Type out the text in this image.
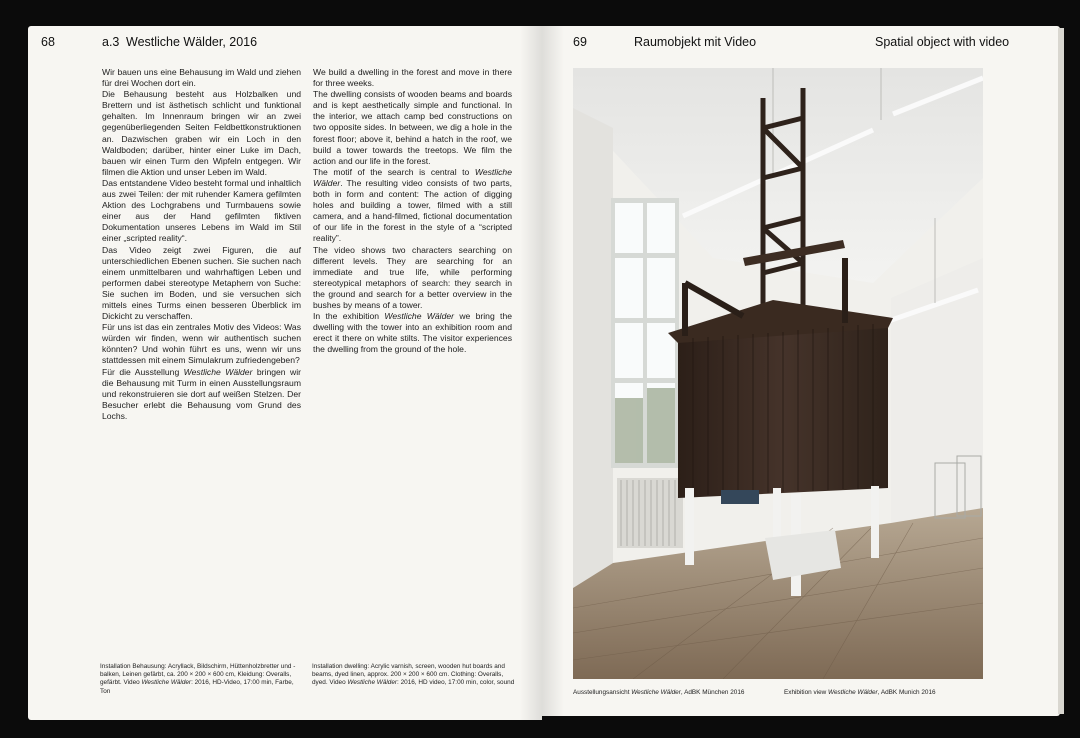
68	a.3 Westliche Wälder, 2016

Wir bauen uns eine Behausung im Wald und ziehen für drei Wochen dort ein.

Die Behausung besteht aus Holzbalken und Brettern und ist ästhetisch schlicht und funktional gehalten. Im Innenraum bringen wir an zwei gegenüberliegenden Seiten Feldbettkonstruktionen an. Dazwischen graben wir ein Loch in den Waldboden; darüber, hinter einer Luke im Dach, bauen wir einen Turm den Wipfeln entgegen. Wir filmen die Aktion und unser Leben im Wald.

Das entstandene Video besteht formal und inhaltlich aus zwei Teilen: der mit ruhender Kamera gefilmten Aktion des Lochgrabens und Turmbauens sowie einer aus der Hand gefilmten fiktiven Dokumentation unseres Lebens im Wald im Stil einer „scripted reality“.

Das Video zeigt zwei Figuren, die auf unterschiedlichen Ebenen suchen. Sie suchen nach einem unmittelbaren und wahrhaftigen Leben und performen dabei stereotype Metaphern von Suche: Sie suchen im Boden, und sie versuchen sich mittels eines Turms einen besseren Überblick im Dickicht zu verschaffen.

Für uns ist das ein zentrales Motiv des Videos: Was würden wir finden, wenn wir authentisch suchen könnten? Und wohin führt es uns, wenn wir uns stattdessen mit einem Simulakrum zufriedengeben?

Für die Ausstellung Westliche Wälder bringen wir die Behausung mit Turm in einen Ausstellungsraum und rekonstruieren sie dort auf weißen Stelzen. Der Besucher erlebt die Behausung vom Grund des Lochs.

We build a dwelling in the forest and move in there for three weeks.

The dwelling consists of wooden beams and boards and is kept aesthetically simple and functional. In the interior, we attach camp bed constructions on two opposite sides. In between, we dig a hole in the forest floor; above it, behind a hatch in the roof, we build a tower towards the treetops. We film the action and our life in the forest.

The motif of the search is central to Westliche Wälder. The resulting video consists of two parts, both in form and content: The action of digging holes and building a tower, filmed with a still camera, and a hand-filmed, fictional documentation of our life in the forest in the style of a “scripted reality”.

The video shows two characters searching on different levels. They are searching for an immediate and true life, while performing stereotypical metaphors of search: they search in the ground and search for a better overview in the bushes by means of a tower.

In the exhibition Westliche Wälder we bring the dwelling with the tower into an exhibition room and erect it there on white stilts. The visitor experiences the dwelling from the ground of the hole.

Installation Behausung: Acryllack, Bildschirm, Hüttenholzbretter und -balken, Leinen gefärbt, ca. 200 × 200 × 600 cm, Kleidung: Overalls, gefärbt. Video Westliche Wälder: 2016, HD-Video, 17:00 min, Farbe, Ton
Installation dwelling: Acrylic varnish, screen, wooden hut boards and beams, dyed linen, approx. 200 × 200 × 600 cm. Clothing: Overalls, dyed. Video Westliche Wälder: 2016, HD video, 17:00 min, color, sound
69	Raumobjekt mit Video	Spatial object with video
Ausstellungsansicht Westliche Wälder, AdBK München 2016	Exhibition view Westliche Wälder, AdBK Munich 2016
